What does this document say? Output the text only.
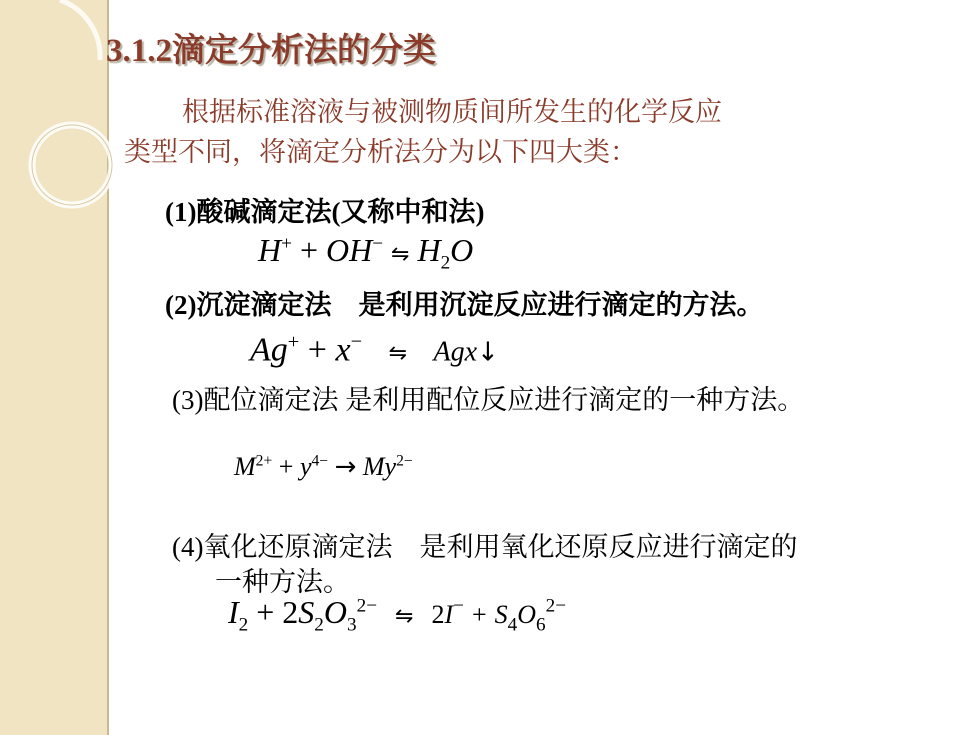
3.1.2滴定分析法的分类

根据标准溶液与被测物质间所发生的化学反应
类型不同，将滴定分析法分为以下四大类：

(1)酸碱滴定法(又称中和法)

H+ + OH− ⇋ $H_2O$

(2)沉淀滴定法　是利用沉淀反应进行滴定的方法。

Ag+ + x− ⇋ Agx↓

(3)配位滴定法 是利用配位反应进行滴定的一种方法。

$M^{2+} + y^{4-} \to My^{2-}$

(4)氧化还原滴定法　是利用氧化还原反应进行滴定的

一种方法。

$I_2 + 2S_2O_3^{2-}$ ⇋ $2I^- + S_4O_6^{2-}$
